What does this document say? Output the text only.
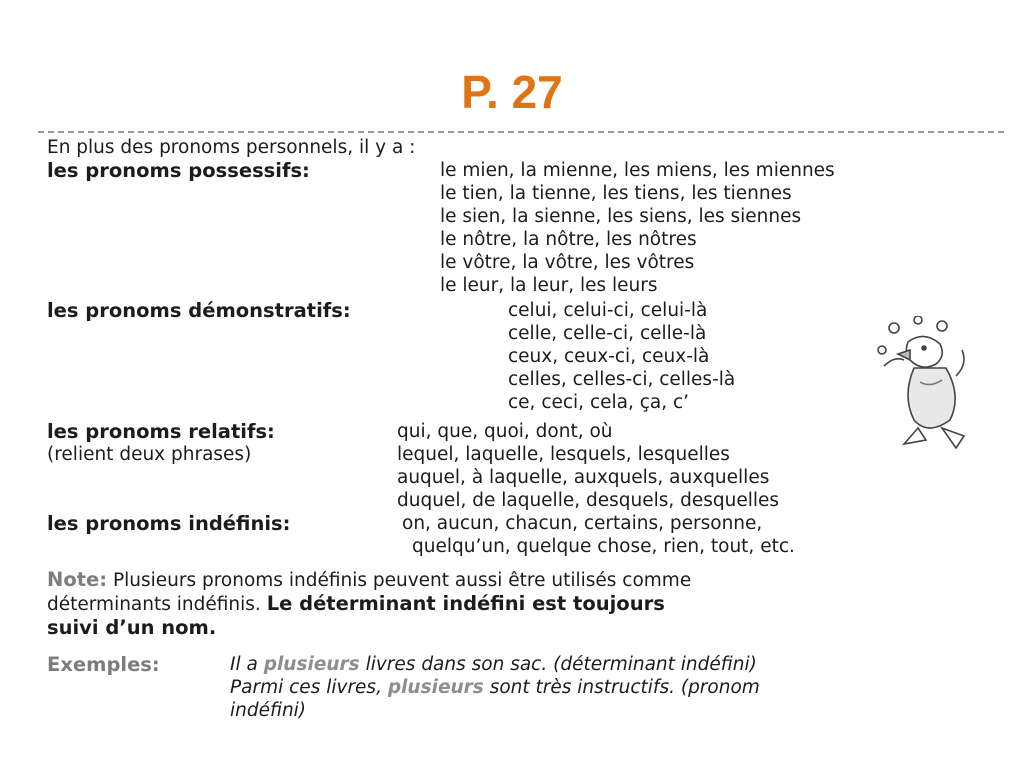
P. 27
En plus des pronoms personnels, il y a :
les pronoms possessifs:	le mien, la mienne, les miens, les miennes
le tien, la tienne, les tiens, les tiennes
le sien, la sienne, les siens, les siennes
le nôtre, la nôtre, les nôtres
le vôtre, la vôtre, les vôtres
le leur, la leur, les leurs
les pronoms démonstratifs:	celui, celui-ci, celui-là
celle, celle-ci, celle-là
ceux, ceux-ci, ceux-là
celles, celles-ci, celles-là
ce, ceci, cela, ça, c’
les pronoms relatifs:
(relient deux phrases)
qui, que, quoi, dont, où
lequel, laquelle, lesquels, lesquelles
auquel, à laquelle, auxquels, auxquelles
duquel, de laquelle, desquels, desquelles
les pronoms indéfinis:	on, aucun, chacun, certains, personne,
quelqu’un, quelque chose, rien, tout, etc.
Note: Plusieurs pronoms indéfinis peuvent aussi être utilisés comme
déterminants indéfinis. Le déterminant indéfini est toujours
suivi d’un nom.
Exemples:	Il a plusieurs livres dans son sac. (déterminant indéfini)
Parmi ces livres, plusieurs sont très instructifs. (pronom
indéfini)
